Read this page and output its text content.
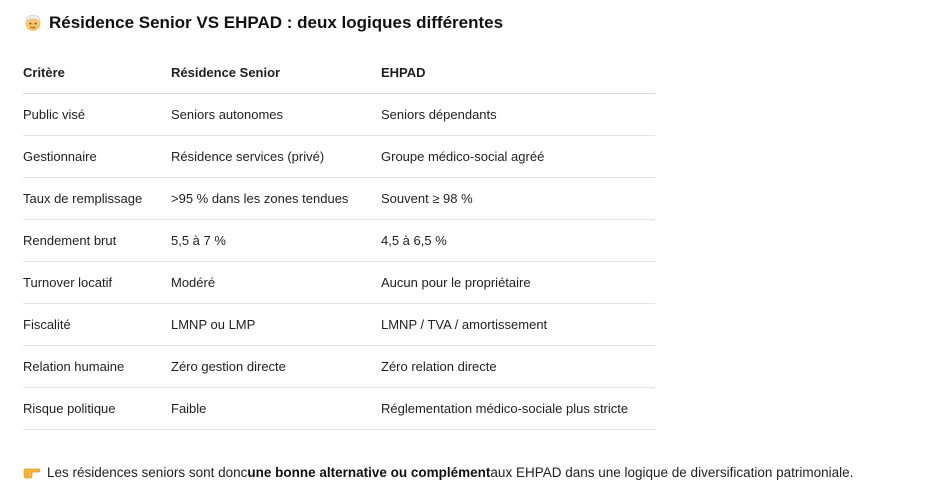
Résidence Senior VS EHPAD : deux logiques différentes
Critère	Résidence Senior	EHPAD
Public visé	Seniors autonomes	Seniors dépendants
Gestionnaire	Résidence services (privé)	Groupe médico-social agréé
Taux de remplissage	>95 % dans les zones tendues	Souvent ≥ 98 %
Rendement brut	5,5 à 7 %	4,5 à 6,5 %
Turnover locatif	Modéré	Aucun pour le propriétaire
Fiscalité	LMNP ou LMP	LMNP / TVA / amortissement
Relation humaine	Zéro gestion directe	Zéro relation directe
Risque politique	Faible	Réglementation médico-sociale plus stricte
Les résidences seniors sont donc une bonne alternative ou complément aux EHPAD dans une logique de diversification patrimoniale.
